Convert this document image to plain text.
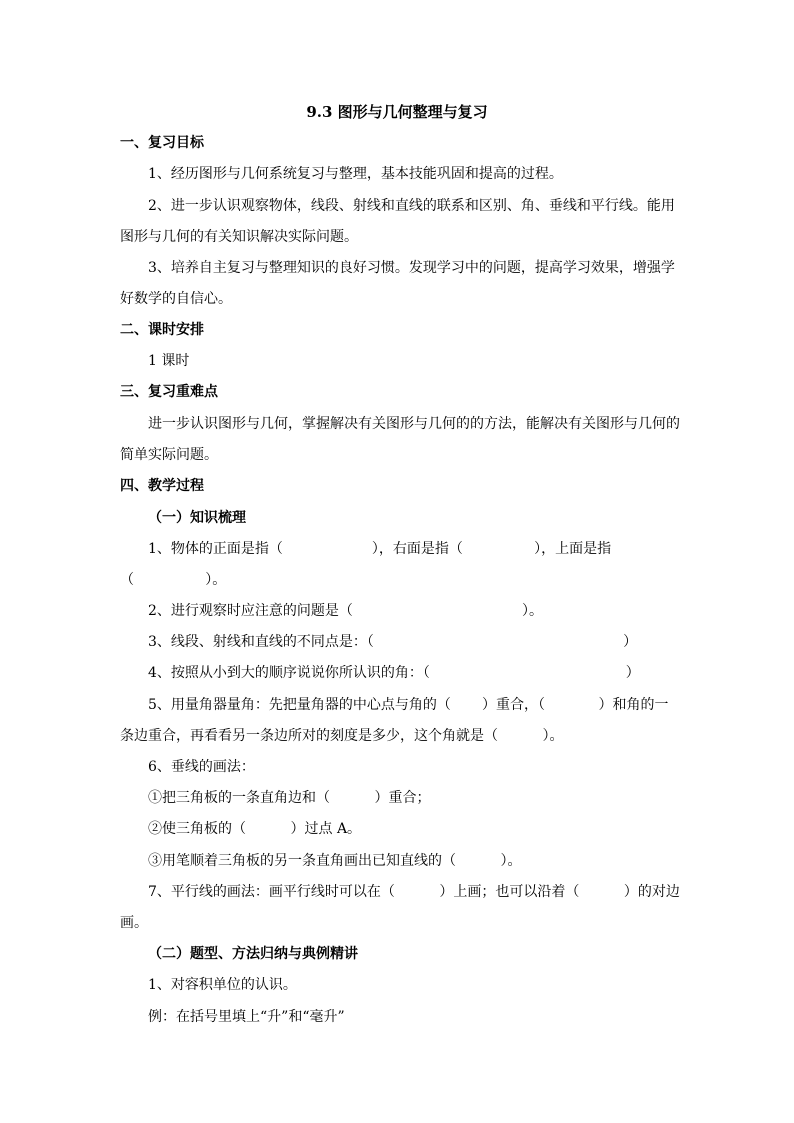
9.3 图形与几何整理与复习
一、复习目标
1、经历图形与几何系统复习与整理，基本技能巩固和提高的过程。
2、进一步认识观察物体，线段、射线和直线的联系和区别、角、垂线和平行线。能用
图形与几何的有关知识解决实际问题。
3、培养自主复习与整理知识的良好习惯。发现学习中的问题，提高学习效果，增强学
好数学的自信心。
二、课时安排
1 课时
三、复习重难点
进一步认识图形与几何，掌握解决有关图形与几何的的方法，能解决有关图形与几何的
简单实际问题。
四、教学过程
（一）知识梳理
1、物体的正面是指（                    ），右面是指（                ），上面是指
（                ）。
2、进行观察时应注意的问题是（                                      ）。
3、线段、射线和直线的不同点是：（                                                        ）
4、按照从小到大的顺序说说你所认识的角：（                                            ）
5、用量角器量角：先把量角器的中心点与角的（       ）重合，（            ）和角的一
条边重合，再看看另一条边所对的刻度是多少，这个角就是（          ）。
6、垂线的画法：
①把三角板的一条直角边和（          ）重合；
②使三角板的（          ）过点 A。
③用笔顺着三角板的另一条直角画出已知直线的（          ）。
7、平行线的画法：画平行线时可以在（          ）上画；也可以沿着（          ）的对边
画。
（二）题型、方法归纳与典例精讲
1、对容积单位的认识。
例：在括号里填上“升”和“毫升”
